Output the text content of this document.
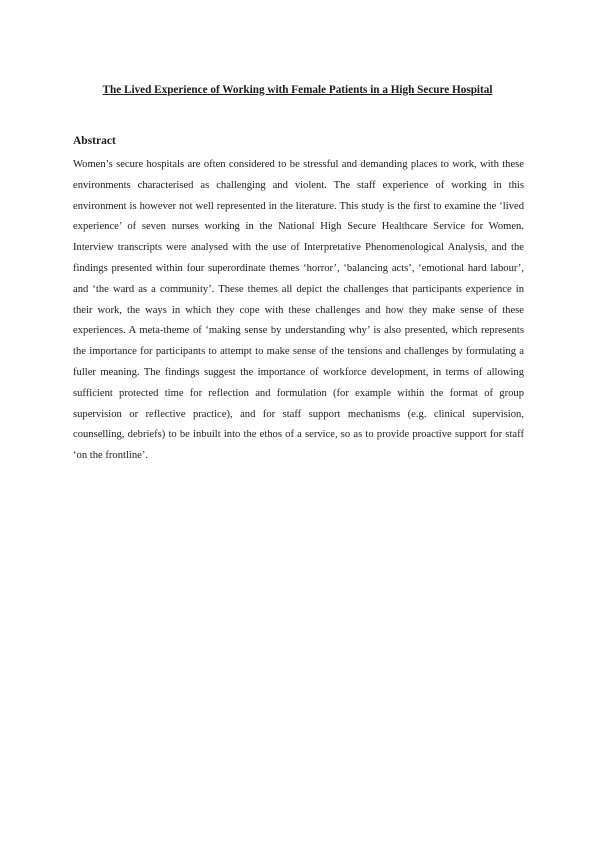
The Lived Experience of Working with Female Patients in a High Secure Hospital
Abstract

Women’s secure hospitals are often considered to be stressful and demanding places to work, with these environments characterised as challenging and violent. The staff experience of working in this environment is however not well represented in the literature. This study is the first to examine the ‘lived experience’ of seven nurses working in the National High Secure Healthcare Service for Women. Interview transcripts were analysed with the use of Interpretative Phenomenological Analysis, and the findings presented within four superordinate themes ‘horror’, ‘balancing acts’, ‘emotional hard labour’, and ‘the ward as a community’. These themes all depict the challenges that participants experience in their work, the ways in which they cope with these challenges and how they make sense of these experiences. A meta-theme of ‘making sense by understanding why’ is also presented, which represents the importance for participants to attempt to make sense of the tensions and challenges by formulating a fuller meaning. The findings suggest the importance of workforce development, in terms of allowing sufficient protected time for reflection and formulation (for example within the format of group supervision or reflective practice), and for staff support mechanisms (e.g. clinical supervision, counselling, debriefs) to be inbuilt into the ethos of a service, so as to provide proactive support for staff ‘on the frontline’.
